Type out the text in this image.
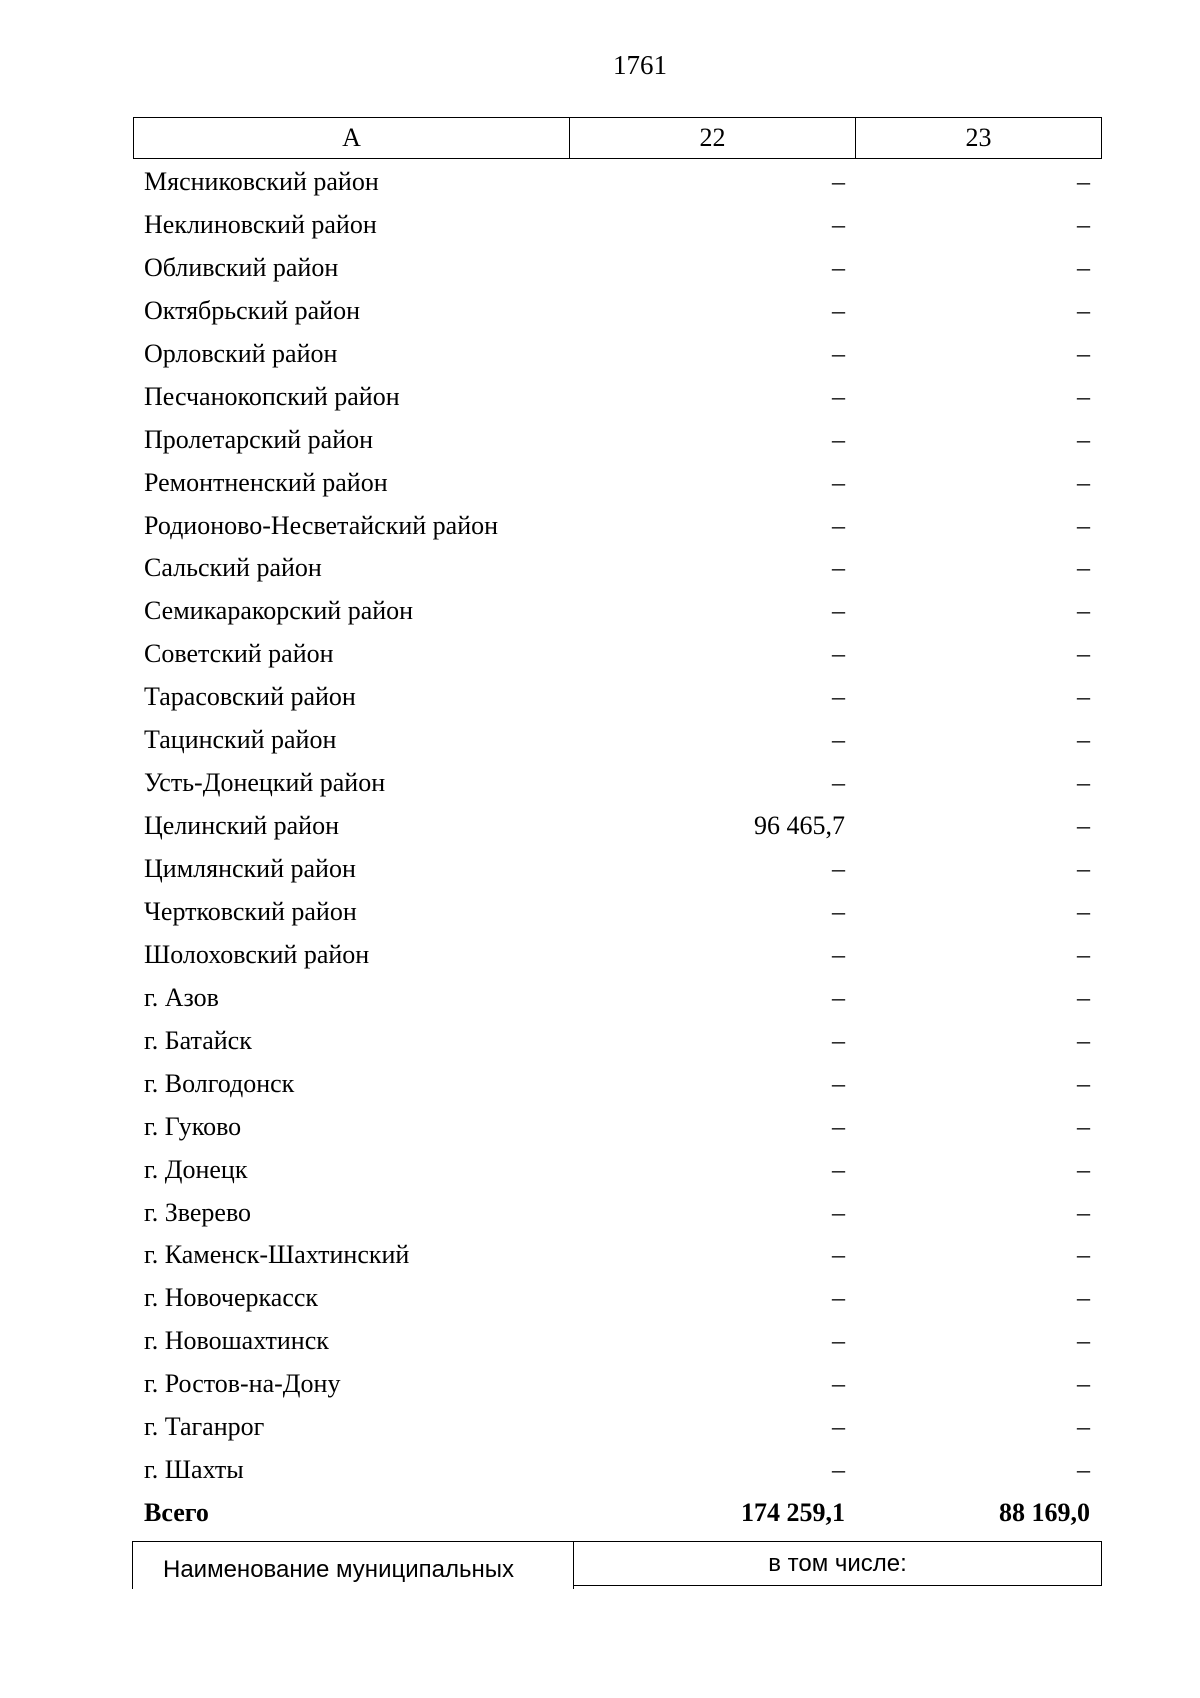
1761
А	22	23
Мясниковский район	–	–
Неклиновский район	–	–
Обливский район	–	–
Октябрьский район	–	–
Орловский район	–	–
Песчанокопский район	–	–
Пролетарский район	–	–
Ремонтненский район	–	–
Родионово-Несветайский район	–	–
Сальский район	–	–
Семикаракорский район	–	–
Советский район	–	–
Тарасовский район	–	–
Тацинский район	–	–
Усть-Донецкий район	–	–
Целинский район	96 465,7	–
Цимлянский район	–	–
Чертковский район	–	–
Шолоховский район	–	–
г. Азов	–	–
г. Батайск	–	–
г. Волгодонск	–	–
г. Гуково	–	–
г. Донецк	–	–
г. Зверево	–	–
г. Каменск-Шахтинский	–	–
г. Новочеркасск	–	–
г. Новошахтинск	–	–
г. Ростов-на-Дону	–	–
г. Таганрог	–	–
г. Шахты	–	–
Всего	174 259,1	88 169,0
Наименование муниципальных	в том числе:
